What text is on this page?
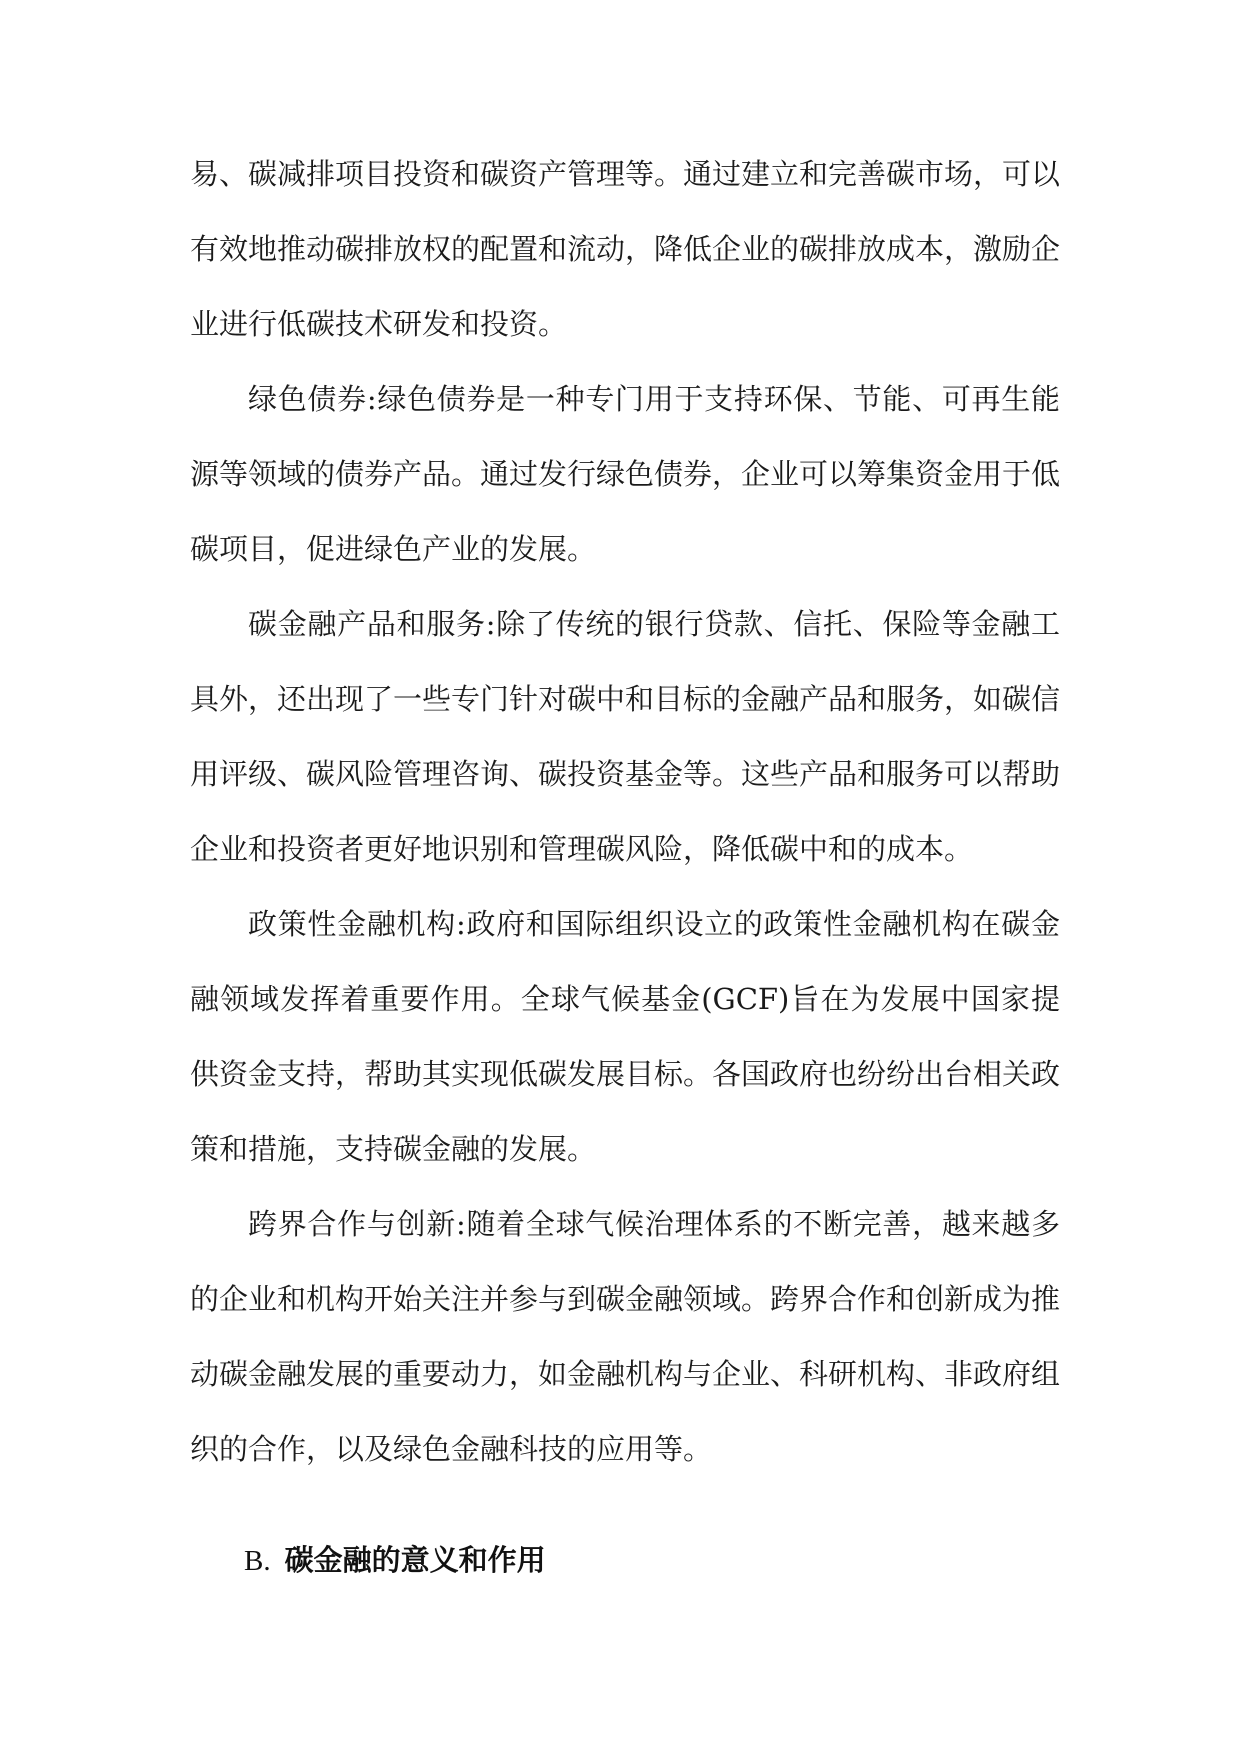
易、碳减排项目投资和碳资产管理等。通过建立和完善碳市场，可以有效地推动碳排放权的配置和流动，降低企业的碳排放成本，激励企业进行低碳技术研发和投资。

绿色债券:绿色债券是一种专门用于支持环保、节能、可再生能源等领域的债券产品。通过发行绿色债券，企业可以筹集资金用于低碳项目，促进绿色产业的发展。

碳金融产品和服务:除了传统的银行贷款、信托、保险等金融工具外，还出现了一些专门针对碳中和目标的金融产品和服务，如碳信用评级、碳风险管理咨询、碳投资基金等。这些产品和服务可以帮助企业和投资者更好地识别和管理碳风险，降低碳中和的成本。

政策性金融机构:政府和国际组织设立的政策性金融机构在碳金融领域发挥着重要作用。全球气候基金(GCF)旨在为发展中国家提供资金支持，帮助其实现低碳发展目标。各国政府也纷纷出台相关政策和措施，支持碳金融的发展。

跨界合作与创新:随着全球气候治理体系的不断完善，越来越多的企业和机构开始关注并参与到碳金融领域。跨界合作和创新成为推动碳金融发展的重要动力，如金融机构与企业、科研机构、非政府组织的合作，以及绿色金融科技的应用等。

B. 碳金融的意义和作用
